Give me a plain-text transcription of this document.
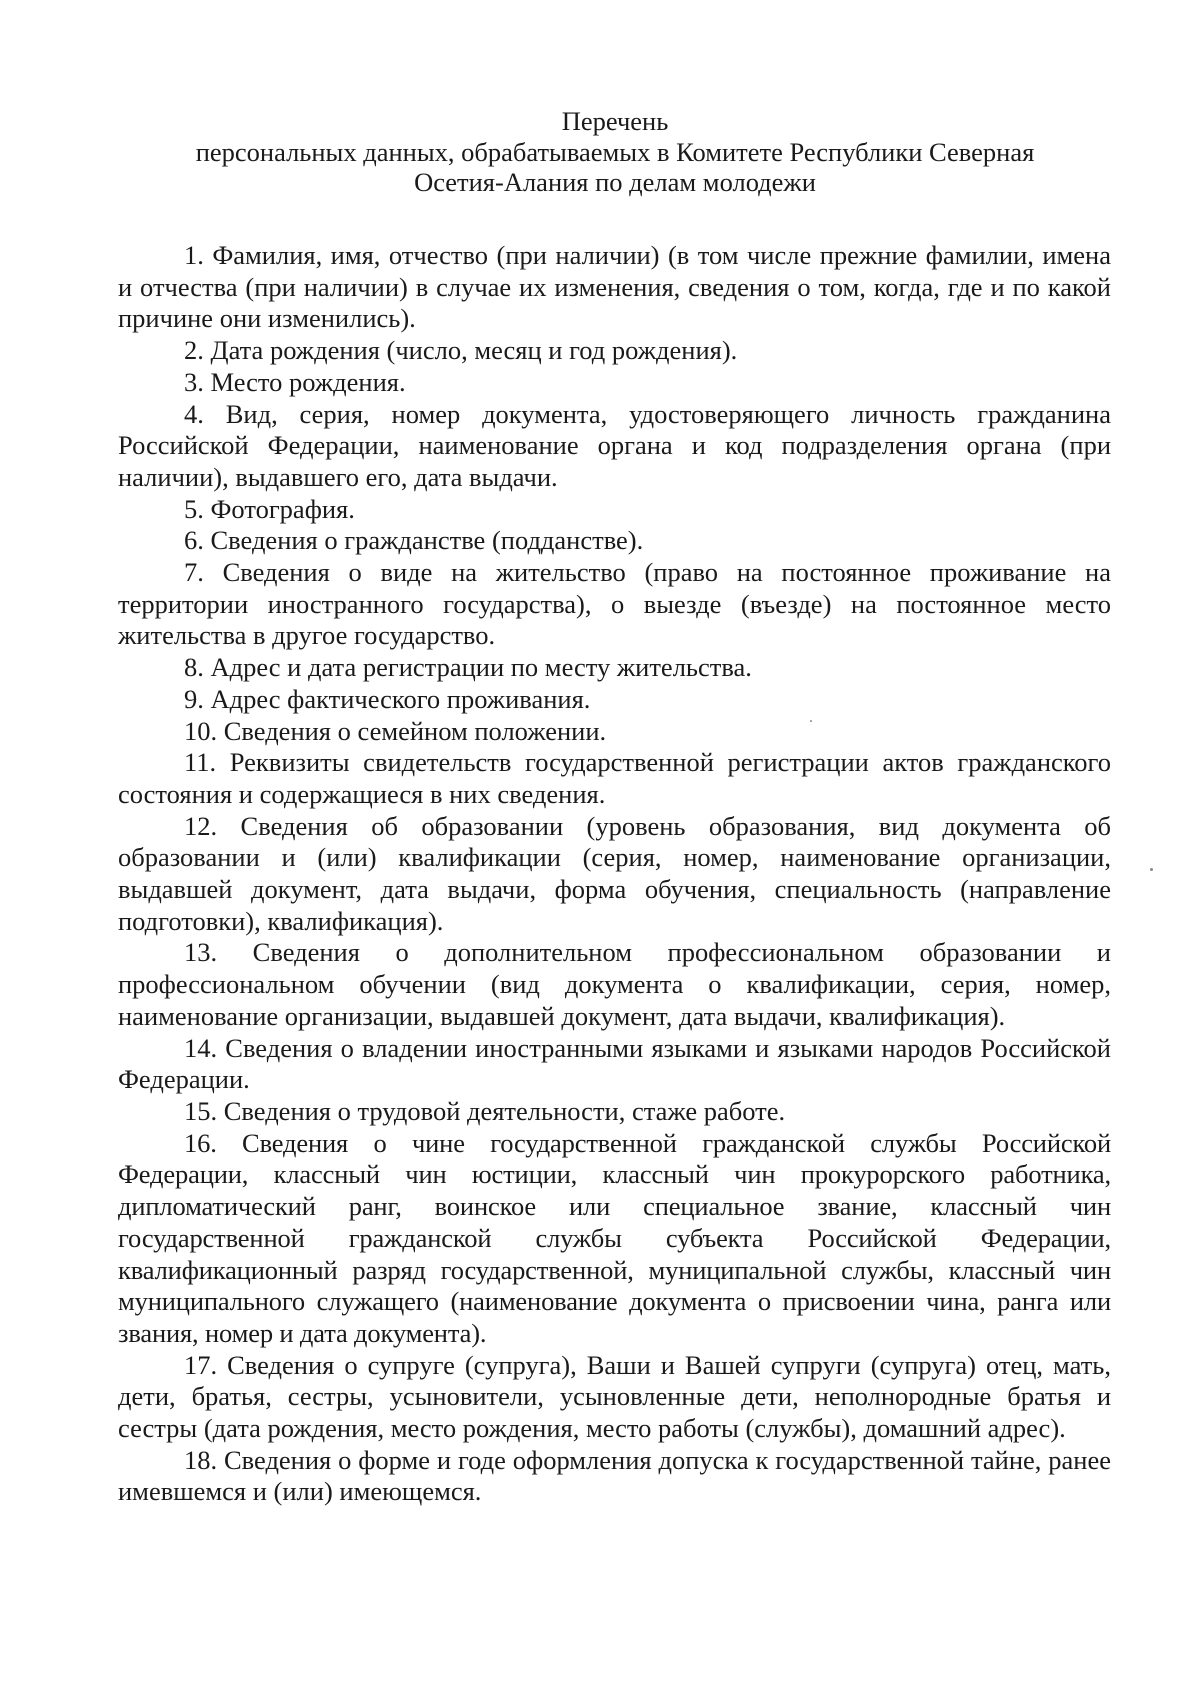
Перечень
персональных данных, обрабатываемых в Комитете Республики Северная
Осетия-Алания по делам молодежи

1. Фамилия, имя, отчество (при наличии) (в том числе прежние фамилии, имена и отчества (при наличии) в случае их изменения, сведения о том, когда, где и по какой причине они изменились).

2. Дата рождения (число, месяц и год рождения).

3. Место рождения.

4. Вид, серия, номер документа, удостоверяющего личность гражданина Российской Федерации, наименование органа и код подразделения органа (при наличии), выдавшего его, дата выдачи.

5. Фотография.

6. Сведения о гражданстве (подданстве).

7. Сведения о виде на жительство (право на постоянное проживание на территории иностранного государства), о выезде (въезде) на постоянное место жительства в другое государство.

8. Адрес и дата регистрации по месту жительства.

9. Адрес фактического проживания.

10. Сведения о семейном положении.

11. Реквизиты свидетельств государственной регистрации актов гражданского состояния и содержащиеся в них сведения.

12. Сведения об образовании (уровень образования, вид документа об образовании и (или) квалификации (серия, номер, наименование организации, выдавшей документ, дата выдачи, форма обучения, специальность (направление подготовки), квалификация).

13. Сведения о дополнительном профессиональном образовании и профессиональном обучении (вид документа о квалификации, серия, номер, наименование организации, выдавшей документ, дата выдачи, квалификация).

14. Сведения о владении иностранными языками и языками народов Российской Федерации.

15. Сведения о трудовой деятельности, стаже работе.

16. Сведения о чине государственной гражданской службы Российской Федерации, классный чин юстиции, классный чин прокурорского работника, дипломатический ранг, воинское или специальное звание, классный чин государственной гражданской службы субъекта Российской Федерации, квалификационный разряд государственной, муниципальной службы, классный чин муниципального служащего (наименование документа о присвоении чина, ранга или звания, номер и дата документа).

17. Сведения о супруге (супруга), Ваши и Вашей супруги (супруга) отец, мать, дети, братья, сестры, усыновители, усыновленные дети, неполнородные братья и сестры (дата рождения, место рождения, место работы (службы), домашний адрес).

18. Сведения о форме и годе оформления допуска к государственной тайне, ранее имевшемся и (или) имеющемся.
